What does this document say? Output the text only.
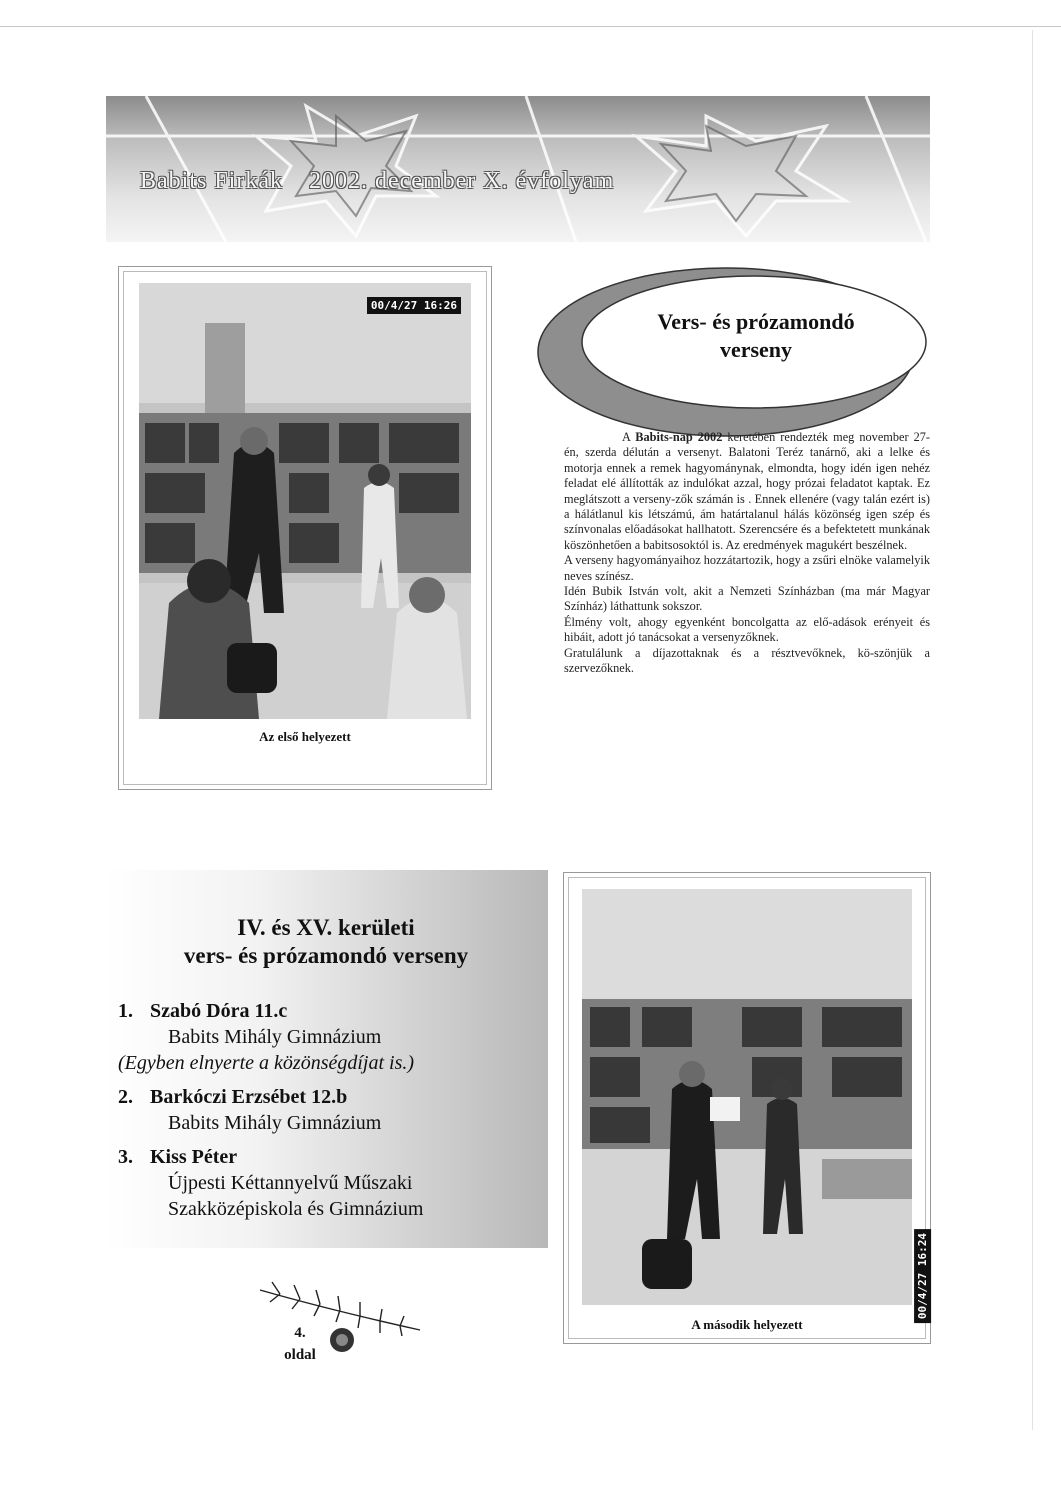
Babits Firkák 2002. december X. évfolyam
00/4/27 16:26
Az első helyezett
Vers- és prózamondó
verseny

A Babits-nap 2002 keretében rendezték meg november 27-én, szerda délután a versenyt. Balatoni Teréz tanárnő, aki a lelke és motorja ennek a remek hagyománynak, elmondta, hogy idén igen nehéz feladat elé állították az indulókat azzal, hogy prózai feladatot kaptak. Ez meglátszott a verseny-zők számán is . Ennek ellenére (vagy talán ezért is) a hálátlanul kis létszámú, ám határtalanul hálás közönség igen szép és színvonalas előadásokat hallhatott. Szerencsére és a befektetett munkának köszönhetően a babitsosoktól is. Az eredmények magukért beszélnek.

A verseny hagyományaihoz hozzátartozik, hogy a zsűri elnöke valamelyik neves színész.

Idén Bubik István volt, akit a Nemzeti Színházban (ma már Magyar Színház) láthattunk sokszor.

Élmény volt, ahogy egyenként boncolgatta az elő-adások erényeit és hibáit, adott jó tanácsokat a versenyzőknek.

Gratulálunk a díjazottaknak és a résztvevőknek, kö-szönjük a szervezőknek.

IV. és XV. kerületi
vers- és prózamondó verseny
1. Szabó Dóra 11.c
Babits Mihály Gimnázium
(Egyben elnyerte a közönségdíjat is.)
2. Barkóczi Erzsébet 12.b
Babits Mihály Gimnázium
3. Kiss Péter
Újpesti Kéttannyelvű Műszaki
Szakközépiskola és Gimnázium
00/4/27 16:24
A második helyezett
4.
oldal
